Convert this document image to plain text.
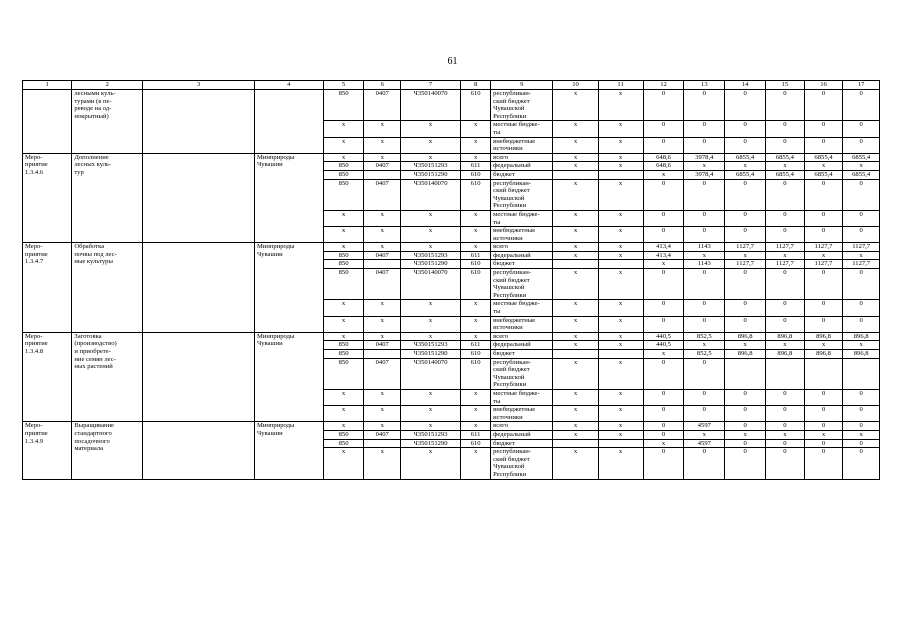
61
1	2	3	4	5	6	7	8	9	10	11	12	13	14	15	16	17
	лесными куль-
турами (в пе-
реводе на од-
нокрытный)			850	0407	Ч350140070	610	республикан-
ский бюджет
Чувашской
Республики	x	x	0	0	0	0	0	0
				x	x	x	x	местные бюдже-
ты	x	x	0	0	0	0	0	0
				x	x	x	x	внебюджетные
источники	x	x	0	0	0	0	0	0
Меро-
приятие
1.3.4.6	Дополнение
лесных куль-
тур		Минприроды
Чувашии	x	x	x	x	всего	x	x	648,6	3978,4	6855,4	6855,4	6855,4	6855,4
				850	0407	Ч350151293	611	федеральный	x	x	648,6	x	x	x	x	x
				850		Ч350151290	610	бюджет			x	3978,4	6855,4	6855,4	6855,4	6855,4
				850	0407	Ч350140070	610	республикан-
ский бюджет
Чувашской
Республики	x	x	0	0	0	0	0	0
				x	x	x	x	местные бюдже-
ты	x	x	0	0	0	0	0	0
				x	x	x	x	внебюджетные
источники	x	x	0	0	0	0	0	0
Меро-
приятие
1.3.4.7	Обработка
почвы под лес-
ные культуры		Минприроды
Чувашии	x	x	x	x	всего	x	x	413,4	1143	1127,7	1127,7	1127,7	1127,7
				850	0407	Ч350151293	611	федеральный	x	x	413,4	x	x	x	x	x
				850		Ч350151290	610	бюджет			x	1143	1127,7	1127,7	1127,7	1127,7
				850	0407	Ч350140070	610	республикан-
ский бюджет
Чувашской
Республики	x	x	0	0	0	0	0	0
				x	x	x	x	местные бюдже-
ты	x	x	0	0	0	0	0	0
				x	x	x	x	внебюджетные
источники	x	x	0	0	0	0	0	0
Меро-
приятие
1.3.4.8	Заготовка
(производство)
и приобрете-
ние семян лес-
ных растений		Минприроды
Чувашии	x	x	x	x	всего	x	x	440,5	852,5	896,8	896,8	896,8	896,8
				850	0407	Ч350151293	611	федеральный	x	x	440,5	x	x	x	x	x
				850		Ч350151290	610	бюджет			x	852,5	896,8	896,8	896,8	896,8
				850	0407	Ч350140070	610	республикан-
ский бюджет
Чувашской
Республики	x	x	0	0				
				x	x	x	x	местные бюдже-
ты	x	x	0	0	0	0	0	0
				x	x	x	x	внебюджетные
источники	x	x	0	0	0	0	0	0
Меро-
приятие
1.3.4.9	Выращивание
стандартного
посадочного
материала		Минприроды
Чувашии	x	x	x	x	всего	x	x	0	4597	0	0	0	0
				850	0407	Ч350151293	611	федеральный	x	x	0	x	x	x	x	x
				850		Ч350151290	610	бюджет			x	4597	0	0	0	0
				x	x	x	x	республикан-
ский бюджет
Чувашской
Республики	x	x	0	0	0	0	0	0
